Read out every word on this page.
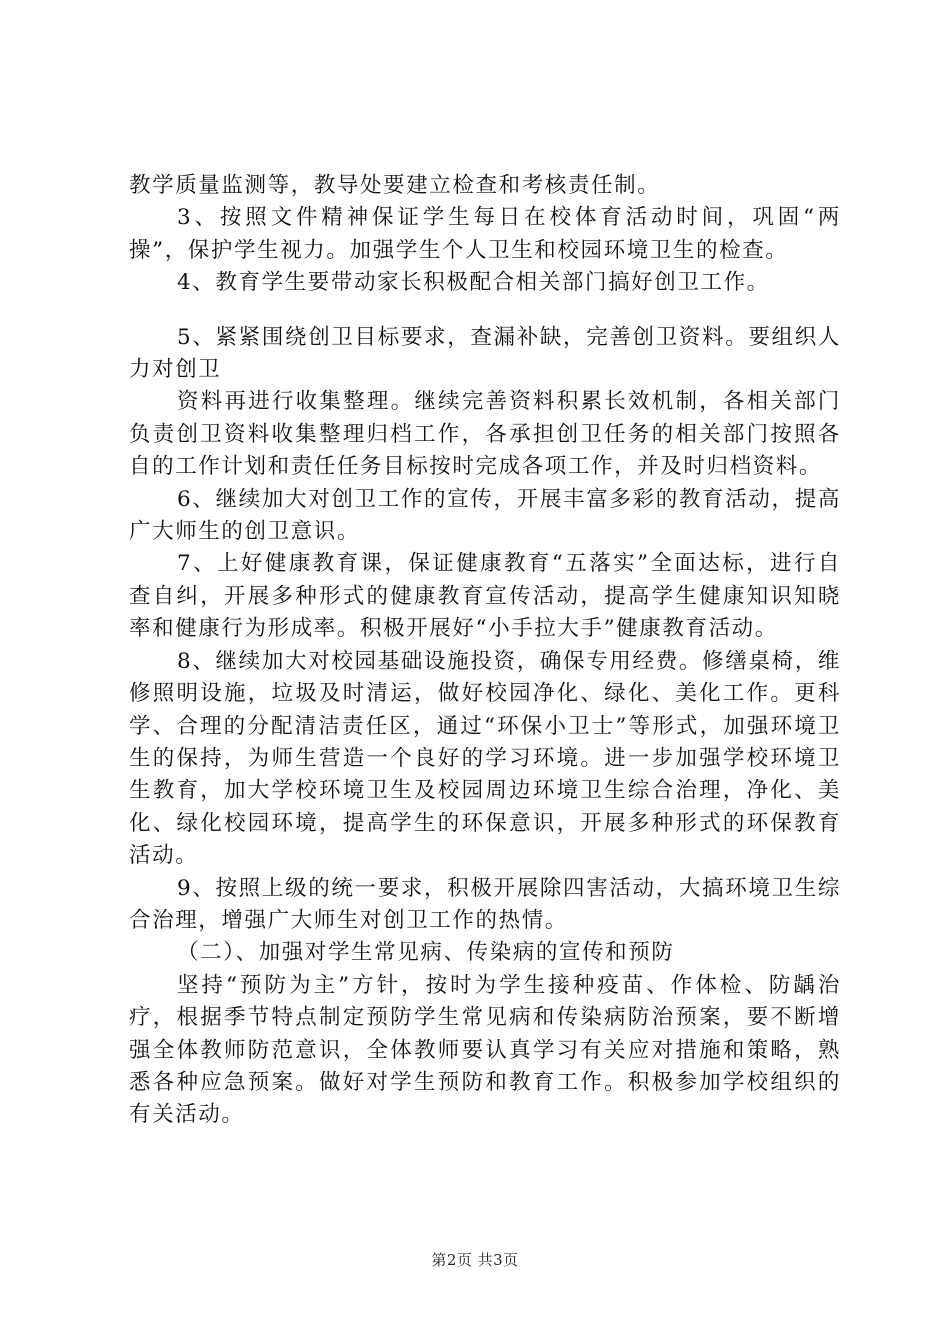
教学质量监测等，教导处要建立检查和考核责任制。

3、按照文件精神保证学生每日在校体育活动时间，巩固“两操”，保护学生视力。加强学生个人卫生和校园环境卫生的检查。

4、教育学生要带动家长积极配合相关部门搞好创卫工作。

5、紧紧围绕创卫目标要求，查漏补缺，完善创卫资料。要组织人力对创卫

资料再进行收集整理。继续完善资料积累长效机制，各相关部门负责创卫资料收集整理归档工作，各承担创卫任务的相关部门按照各自的工作计划和责任任务目标按时完成各项工作，并及时归档资料。

6、继续加大对创卫工作的宣传，开展丰富多彩的教育活动，提高广大师生的创卫意识。

7、上好健康教育课，保证健康教育“五落实”全面达标，进行自查自纠，开展多种形式的健康教育宣传活动，提高学生健康知识知晓率和健康行为形成率。积极开展好“小手拉大手”健康教育活动。

8、继续加大对校园基础设施投资，确保专用经费。修缮桌椅，维修照明设施，垃圾及时清运，做好校园净化、绿化、美化工作。更科学、合理的分配清洁责任区，通过“环保小卫士”等形式，加强环境卫生的保持，为师生营造一个良好的学习环境。进一步加强学校环境卫生教育，加大学校环境卫生及校园周边环境卫生综合治理，净化、美化、绿化校园环境，提高学生的环保意识，开展多种形式的环保教育活动。

9、按照上级的统一要求，积极开展除四害活动，大搞环境卫生综合治理，增强广大师生对创卫工作的热情。

（二）、加强对学生常见病、传染病的宣传和预防

坚持“预防为主”方针，按时为学生接种疫苗、作体检、防龋治疗，根据季节特点制定预防学生常见病和传染病防治预案，要不断增强全体教师防范意识，全体教师要认真学习有关应对措施和策略，熟悉各种应急预案。做好对学生预防和教育工作。积极参加学校组织的有关活动。

第2页 共3页
